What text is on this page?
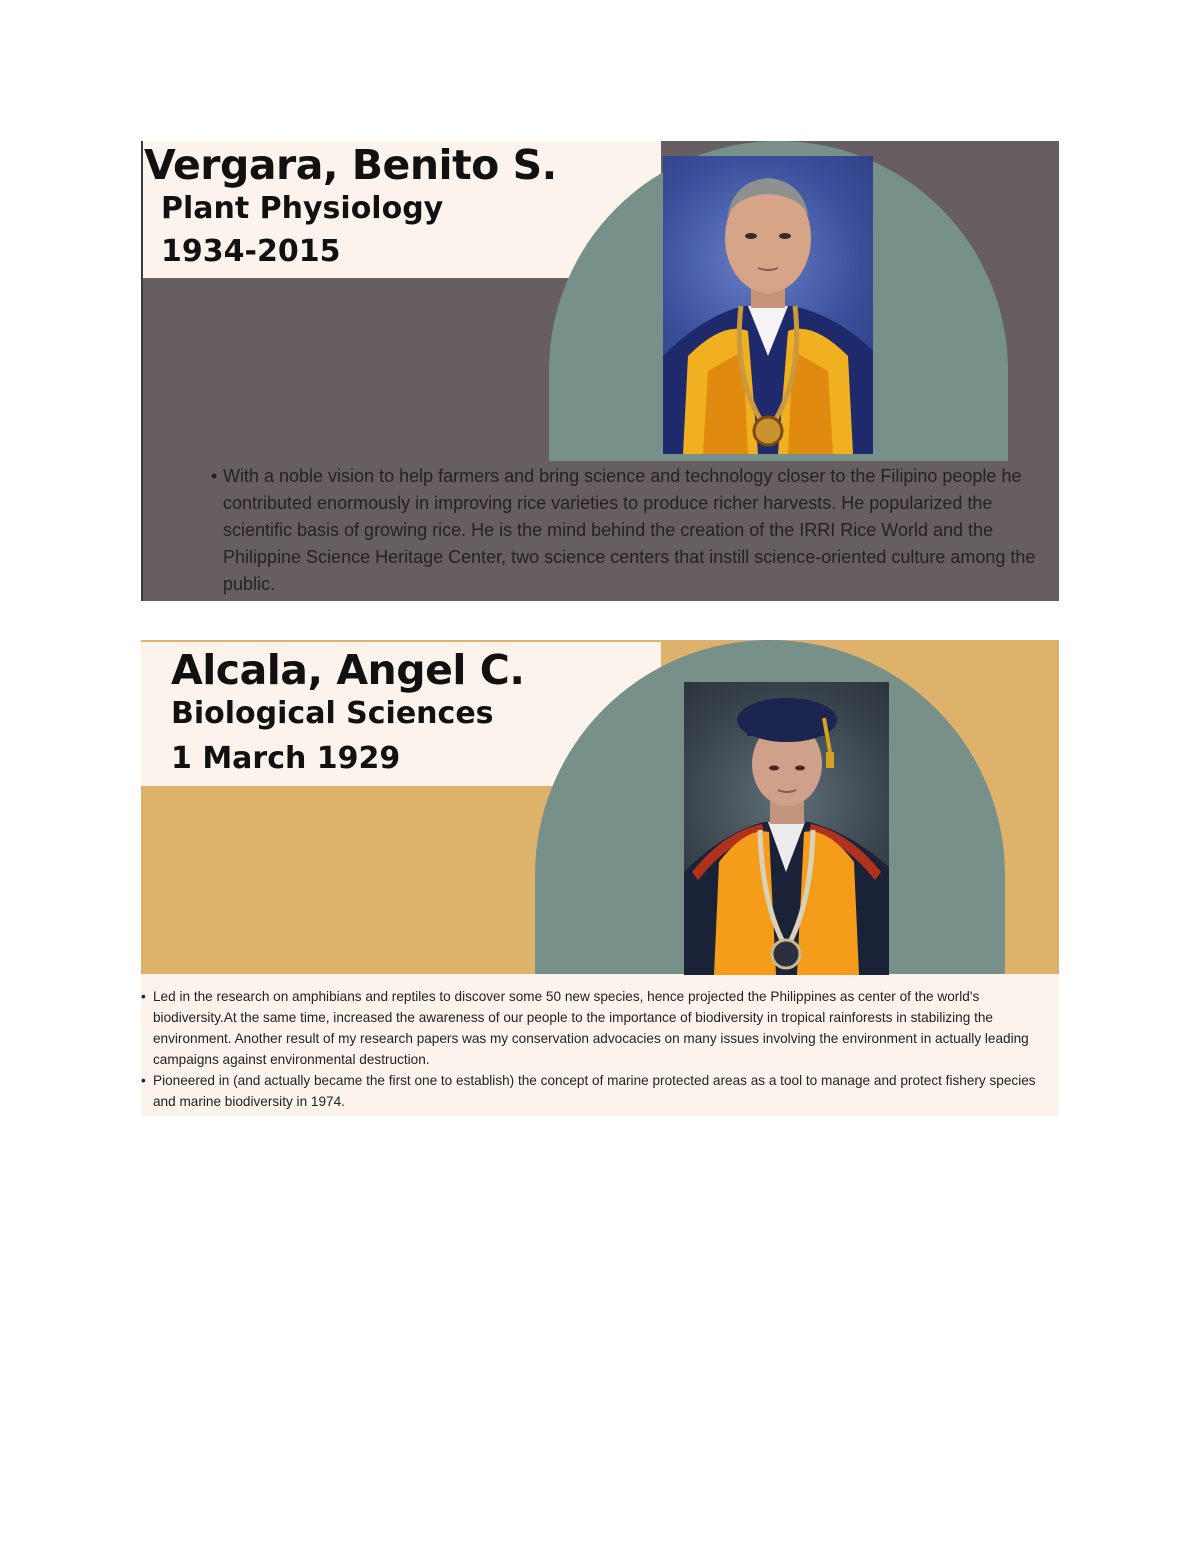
Vergara, Benito S.
Plant Physiology
1934-2015
• With a noble vision to help farmers and bring science and technology closer to the Filipino people he contributed enormously in improving rice varieties to produce richer harvests. He popularized the scientific basis of growing rice. He is the mind behind the creation of the IRRI Rice World and the Philippine Science Heritage Center, two science centers that instill science-oriented culture among the public.
Alcala, Angel C.
Biological Sciences
1 March 1929
• Led in the research on amphibians and reptiles to discover some 50 new species, hence projected the Philippines as center of the world's biodiversity.At the same time, increased the awareness of our people to the importance of biodiversity in tropical rainforests in stabilizing the environment. Another result of my research papers was my conservation advocacies on many issues involving the environment in actually leading campaigns against environmental destruction.
• Pioneered in (and actually became the first one to establish) the concept of marine protected areas as a tool to manage and protect fishery species and marine biodiversity in 1974.
